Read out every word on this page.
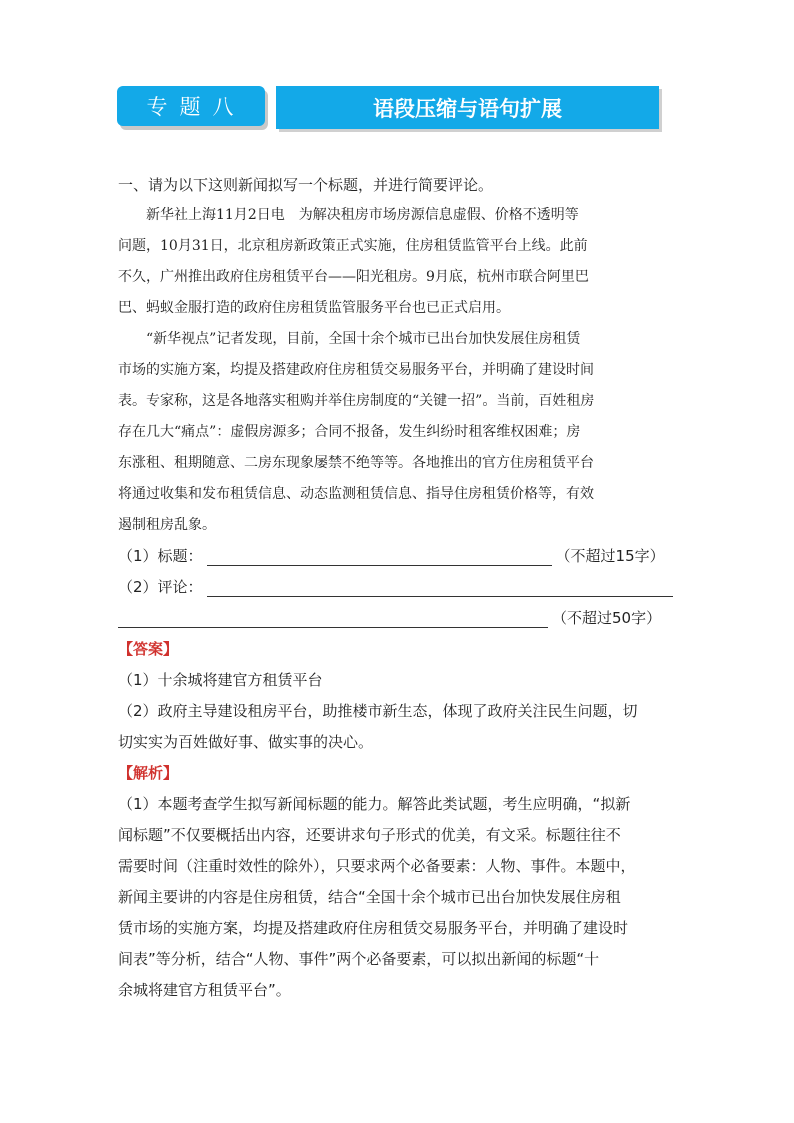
专题八	语段压缩与语句扩展
一、请为以下这则新闻拟写一个标题，并进行简要评论。
新华社上海11月2日电　为解决租房市场房源信息虚假、价格不透明等
问题，10月31日，北京租房新政策正式实施，住房租赁监管平台上线。此前
不久，广州推出政府住房租赁平台——阳光租房。9月底，杭州市联合阿里巴
巴、蚂蚁金服打造的政府住房租赁监管服务平台也已正式启用。
“新华视点”记者发现，目前，全国十余个城市已出台加快发展住房租赁
市场的实施方案，均提及搭建政府住房租赁交易服务平台，并明确了建设时间
表。专家称，这是各地落实租购并举住房制度的“关键一招”。当前，百姓租房
存在几大“痛点”：虚假房源多；合同不报备，发生纠纷时租客维权困难；房
东涨租、租期随意、二房东现象屡禁不绝等等。各地推出的官方住房租赁平台
将通过收集和发布租赁信息、动态监测租赁信息、指导住房租赁价格等，有效
遏制租房乱象。
（1）标题：	（不超过15字）
（2）评论：
（不超过50字）
【答案】
（1）十余城将建官方租赁平台
（2）政府主导建设租房平台，助推楼市新生态，体现了政府关注民生问题，切
切实实为百姓做好事、做实事的决心。
【解析】
（1）本题考查学生拟写新闻标题的能力。解答此类试题，考生应明确，“拟新
闻标题”不仅要概括出内容，还要讲求句子形式的优美，有文采。标题往往不
需要时间（注重时效性的除外），只要求两个必备要素：人物、事件。本题中，
新闻主要讲的内容是住房租赁，结合“全国十余个城市已出台加快发展住房租
赁市场的实施方案，均提及搭建政府住房租赁交易服务平台，并明确了建设时
间表”等分析，结合“人物、事件”两个必备要素，可以拟出新闻的标题“十
余城将建官方租赁平台”。
